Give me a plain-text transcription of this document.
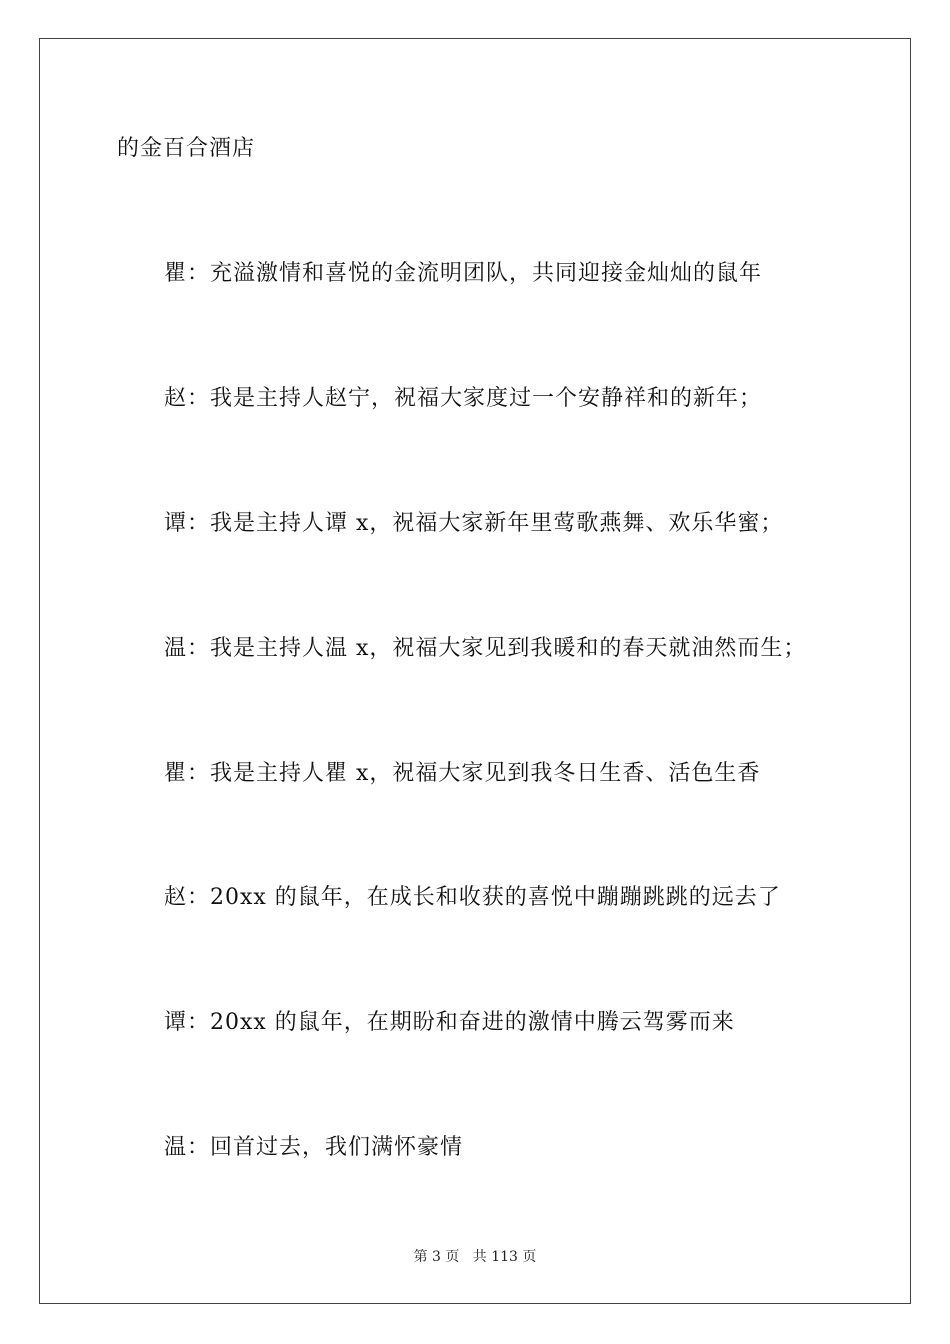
的金百合酒店
瞿：充溢激情和喜悦的金流明团队，共同迎接金灿灿的鼠年
赵：我是主持人赵宁，祝福大家度过一个安静祥和的新年；
谭：我是主持人谭 x，祝福大家新年里莺歌燕舞、欢乐华蜜；
温：我是主持人温 x，祝福大家见到我暖和的春天就油然而生；
瞿：我是主持人瞿 x，祝福大家见到我冬日生香、活色生香
赵：20xx 的鼠年，在成长和收获的喜悦中蹦蹦跳跳的远去了
谭：20xx 的鼠年，在期盼和奋进的激情中腾云驾雾而来
温：回首过去，我们满怀豪情
第 3 页 共 113 页
